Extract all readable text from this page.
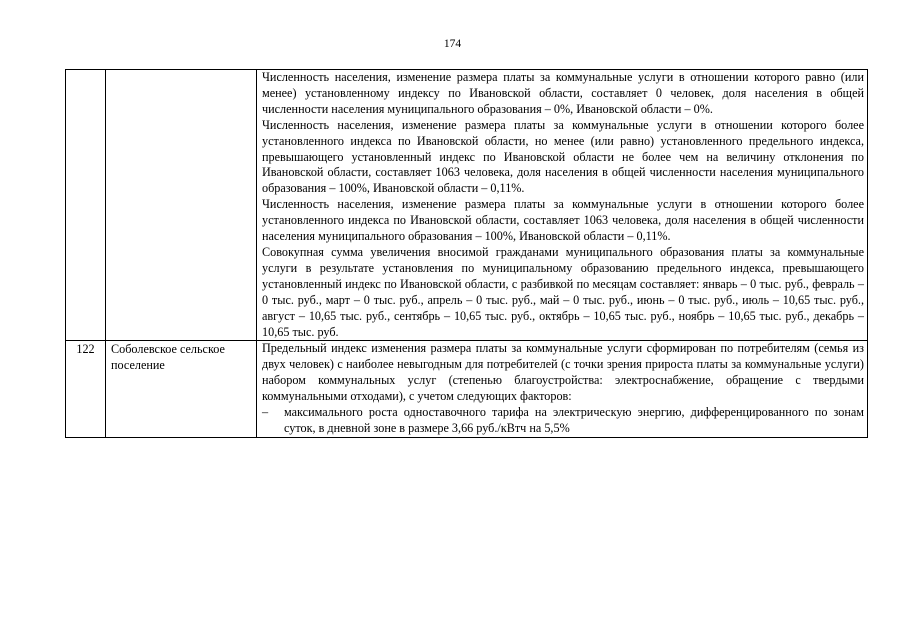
174

		Численность населения, изменение размера платы за коммунальные услуги в отношении которого равно (или менее) установленному индексу по Ивановской области, составляет 0 человек, доля населения в общей численности населения муниципального образования – 0%, Ивановской области – 0%.

Численность населения, изменение размера платы за коммунальные услуги в отношении которого более установленного индекса по Ивановской области, но менее (или равно) установленного предельного индекса, превышающего установленный индекс по Ивановской области не более чем на величину отклонения по Ивановской области, составляет 1063 человека, доля населения в общей численности населения муниципального образования – 100%, Ивановской области – 0,11%.

Численность населения, изменение размера платы за коммунальные услуги в отношении которого более установленного индекса по Ивановской области, составляет 1063 человека, доля населения в общей численности населения муниципального образования – 100%, Ивановской области – 0,11%.

Совокупная сумма увеличения вносимой гражданами муниципального образования платы за коммунальные услуги в результате установления по муниципальному образованию предельного индекса, превышающего установленный индекс по Ивановской области, с разбивкой по месяцам составляет: январь – 0 тыс. руб., февраль – 0 тыс. руб., март – 0 тыс. руб., апрель – 0 тыс. руб., май – 0 тыс. руб., июнь – 0 тыс. руб., июль – 10,65 тыс. руб., август – 10,65 тыс. руб., сентябрь – 10,65 тыс. руб., октябрь – 10,65 тыс. руб., ноябрь – 10,65 тыс. руб., декабрь – 10,65 тыс. руб.

122	Соболевское сельское поселение	Предельный индекс изменения размера платы за коммунальные услуги сформирован по потребителям (семья из двух человек) с наиболее невыгодным для потребителей (с точки зрения прироста платы за коммунальные услуги) набором коммунальных услуг (степенью благоустройства: электроснабжение, обращение с твердыми коммунальными отходами), с учетом следующих факторов:

– максимального роста одноставочного тарифа на электрическую энергию, дифференцированного по зонам суток, в дневной зоне в размере 3,66 руб./кВтч на 5,5%
